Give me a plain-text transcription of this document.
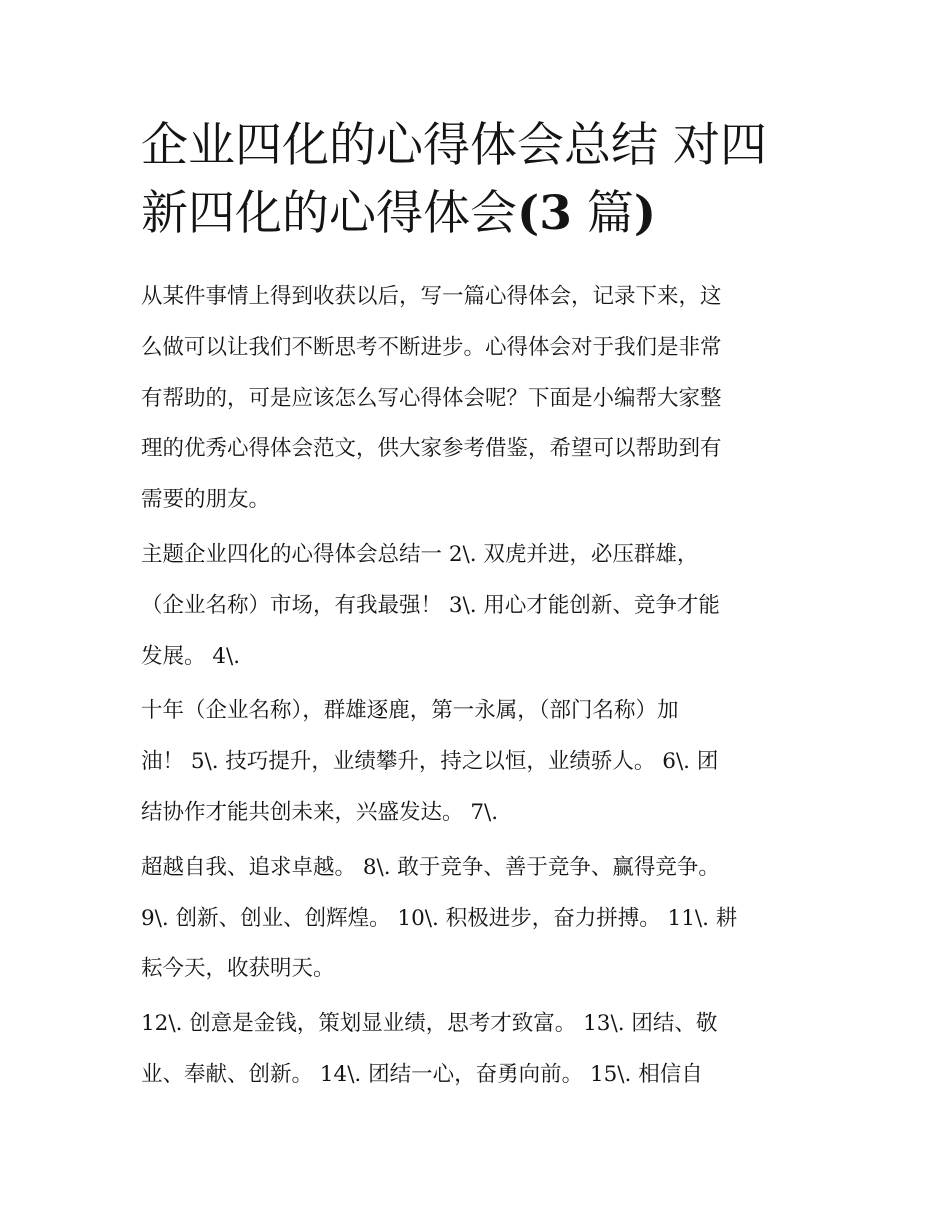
企业四化的心得体会总结 对四
新四化的心得体会(3 篇)

从某件事情上得到收获以后，写一篇心得体会，记录下来，这
么做可以让我们不断思考不断进步。心得体会对于我们是非常
有帮助的，可是应该怎么写心得体会呢？下面是小编帮大家整
理的优秀心得体会范文，供大家参考借鉴，希望可以帮助到有
需要的朋友。

主题企业四化的心得体会总结一 2\. 双虎并进，必压群雄，
（企业名称）市场，有我最强！ 3\. 用心才能创新、竞争才能
发展。 4\.

十年（企业名称），群雄逐鹿，第一永属，（部门名称）加
油！ 5\. 技巧提升，业绩攀升，持之以恒，业绩骄人。 6\. 团
结协作才能共创未来，兴盛发达。 7\.

超越自我、追求卓越。 8\. 敢于竞争、善于竞争、赢得竞争。
9\. 创新、创业、创辉煌。 10\. 积极进步，奋力拼搏。 11\. 耕
耘今天，收获明天。

12\. 创意是金钱，策划显业绩，思考才致富。 13\. 团结、敬
业、奉献、创新。 14\. 团结一心，奋勇向前。 15\. 相信自
